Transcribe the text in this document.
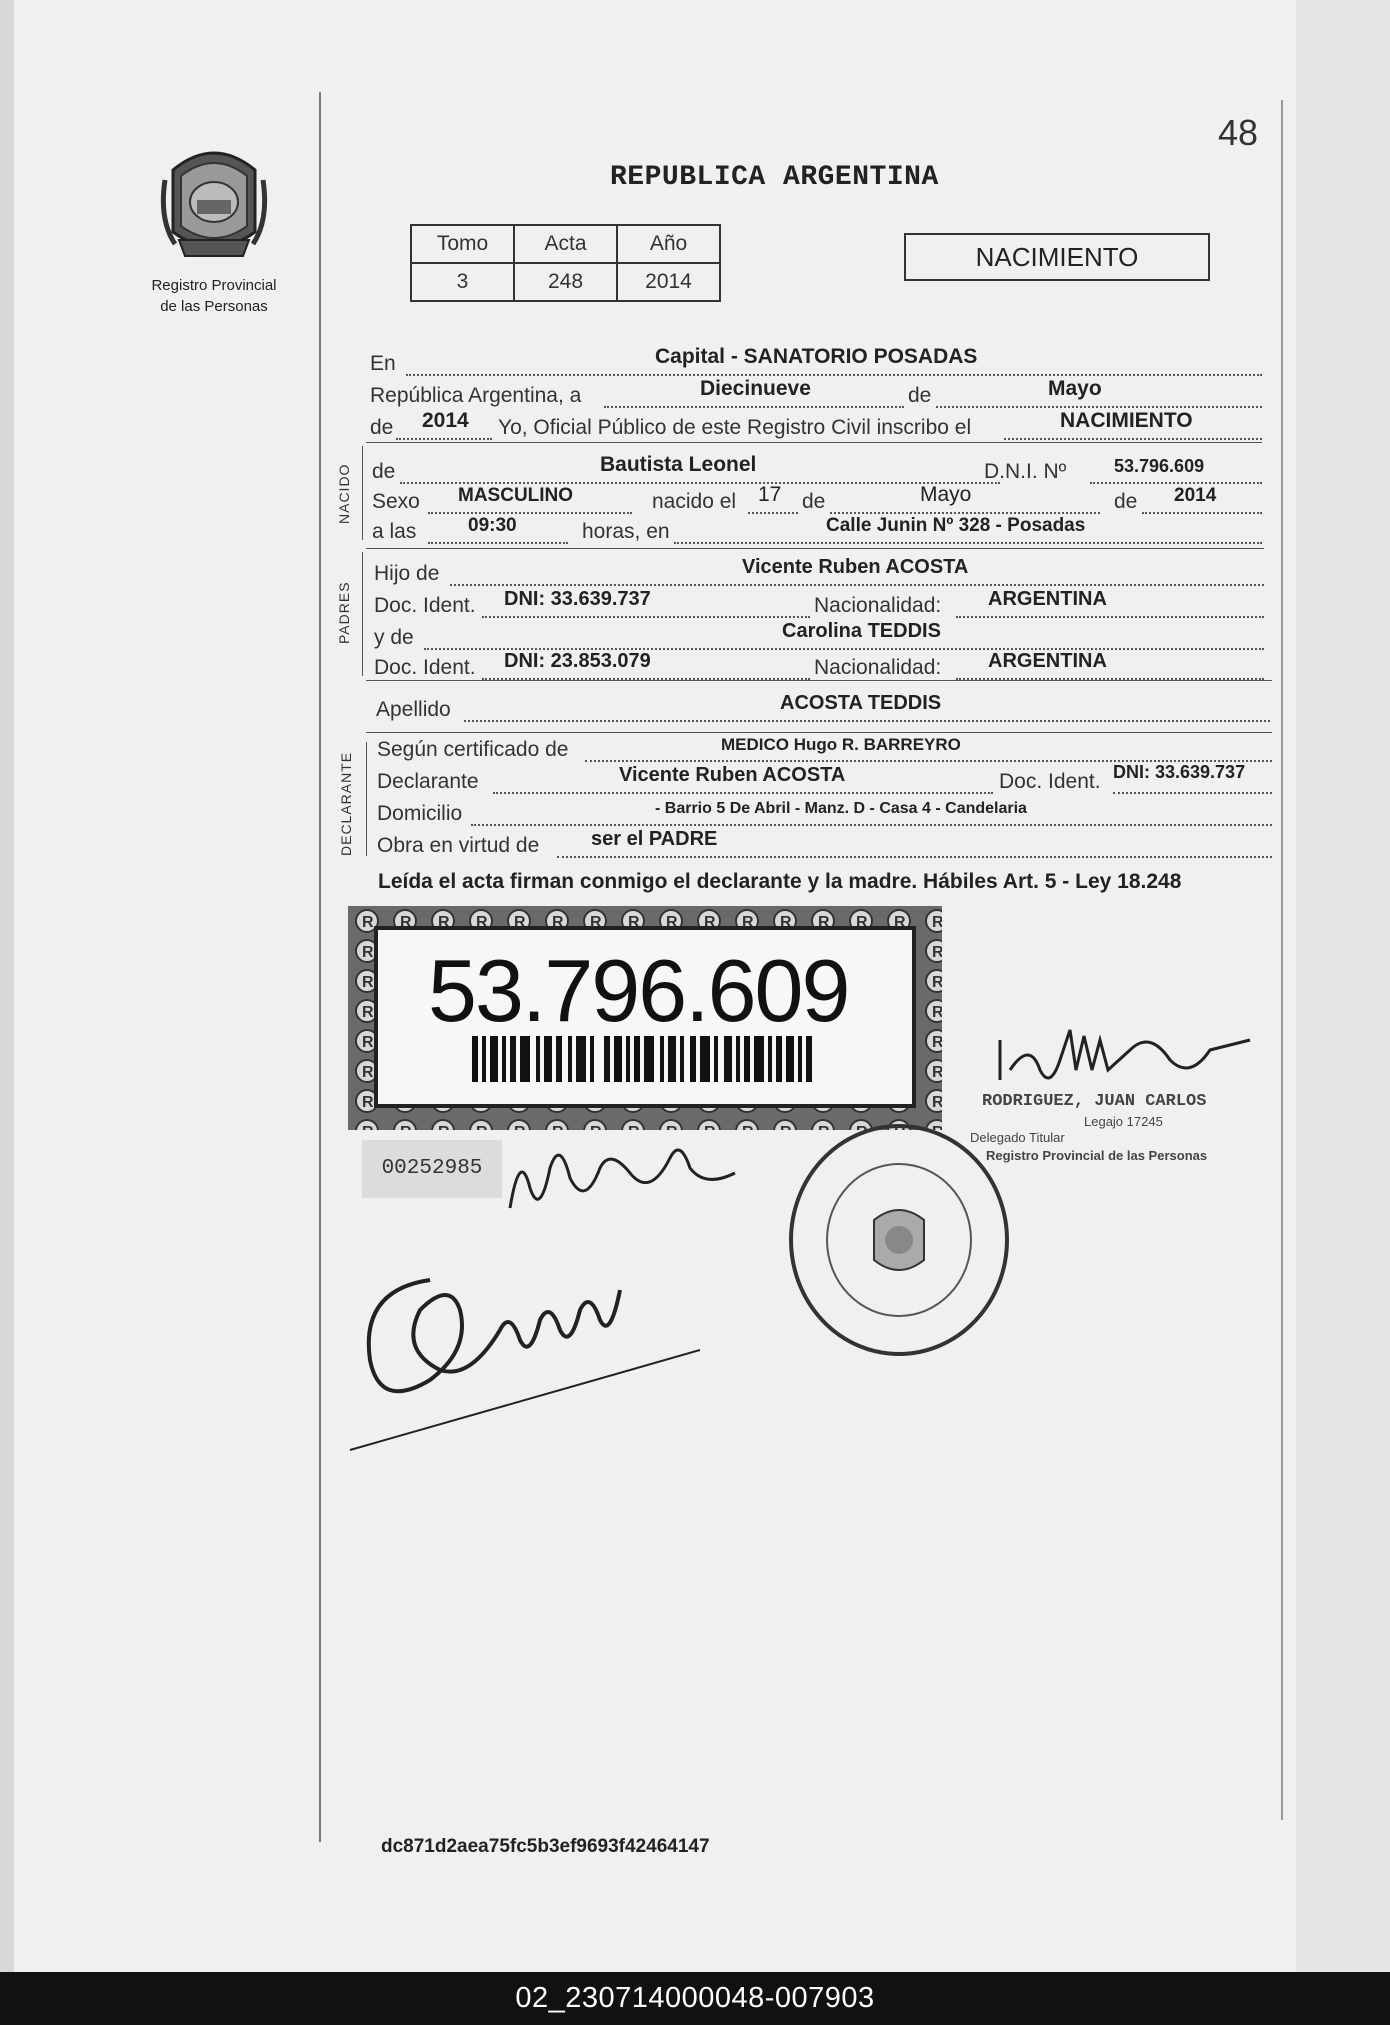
Registro Provincial
de las Personas
48
REPUBLICA ARGENTINA
Tomo	Acta	Año
3	248	2014
NACIMIENTO
En	Capital - SANATORIO POSADAS
República Argentina, a	Diecinueve	de	Mayo
de 2014 Yo, Oficial Público de este Registro Civil inscribo el	NACIMIENTO
NACIDO de	Bautista Leonel	D.N.I. Nº	53.796.609
Sexo MASCULINO	nacido el 17 de	Mayo	de 2014
a las	09:30	horas, en	Calle Junin Nº 328 - Posadas
PADRES
Hijo de	Vicente Ruben ACOSTA
Doc. Ident. DNI: 33.639.737	Nacionalidad: ARGENTINA
y de	Carolina TEDDIS
Doc. Ident. DNI: 23.853.079	Nacionalidad: ARGENTINA
Apellido	ACOSTA TEDDIS
DECLARANTE
Según certificado de	MEDICO Hugo R. BARREYRO
Declarante	Vicente Ruben ACOSTA	Doc. Ident. DNI: 33.639.737
Domicilio	- Barrio 5 De Abril - Manz. D - Casa 4 - Candelaria
Obra en virtud de	ser el PADRE
Leída el acta firman conmigo el declarante y la madre. Hábiles Art. 5 - Ley 18.248
53.796.609
00252985
RODRIGUEZ, JUAN CARLOS
Legajo 17245
Delegado Titular
Registro Provincial de las Personas
dc871d2aea75fc5b3ef9693f42464147
02_230714000048-007903
